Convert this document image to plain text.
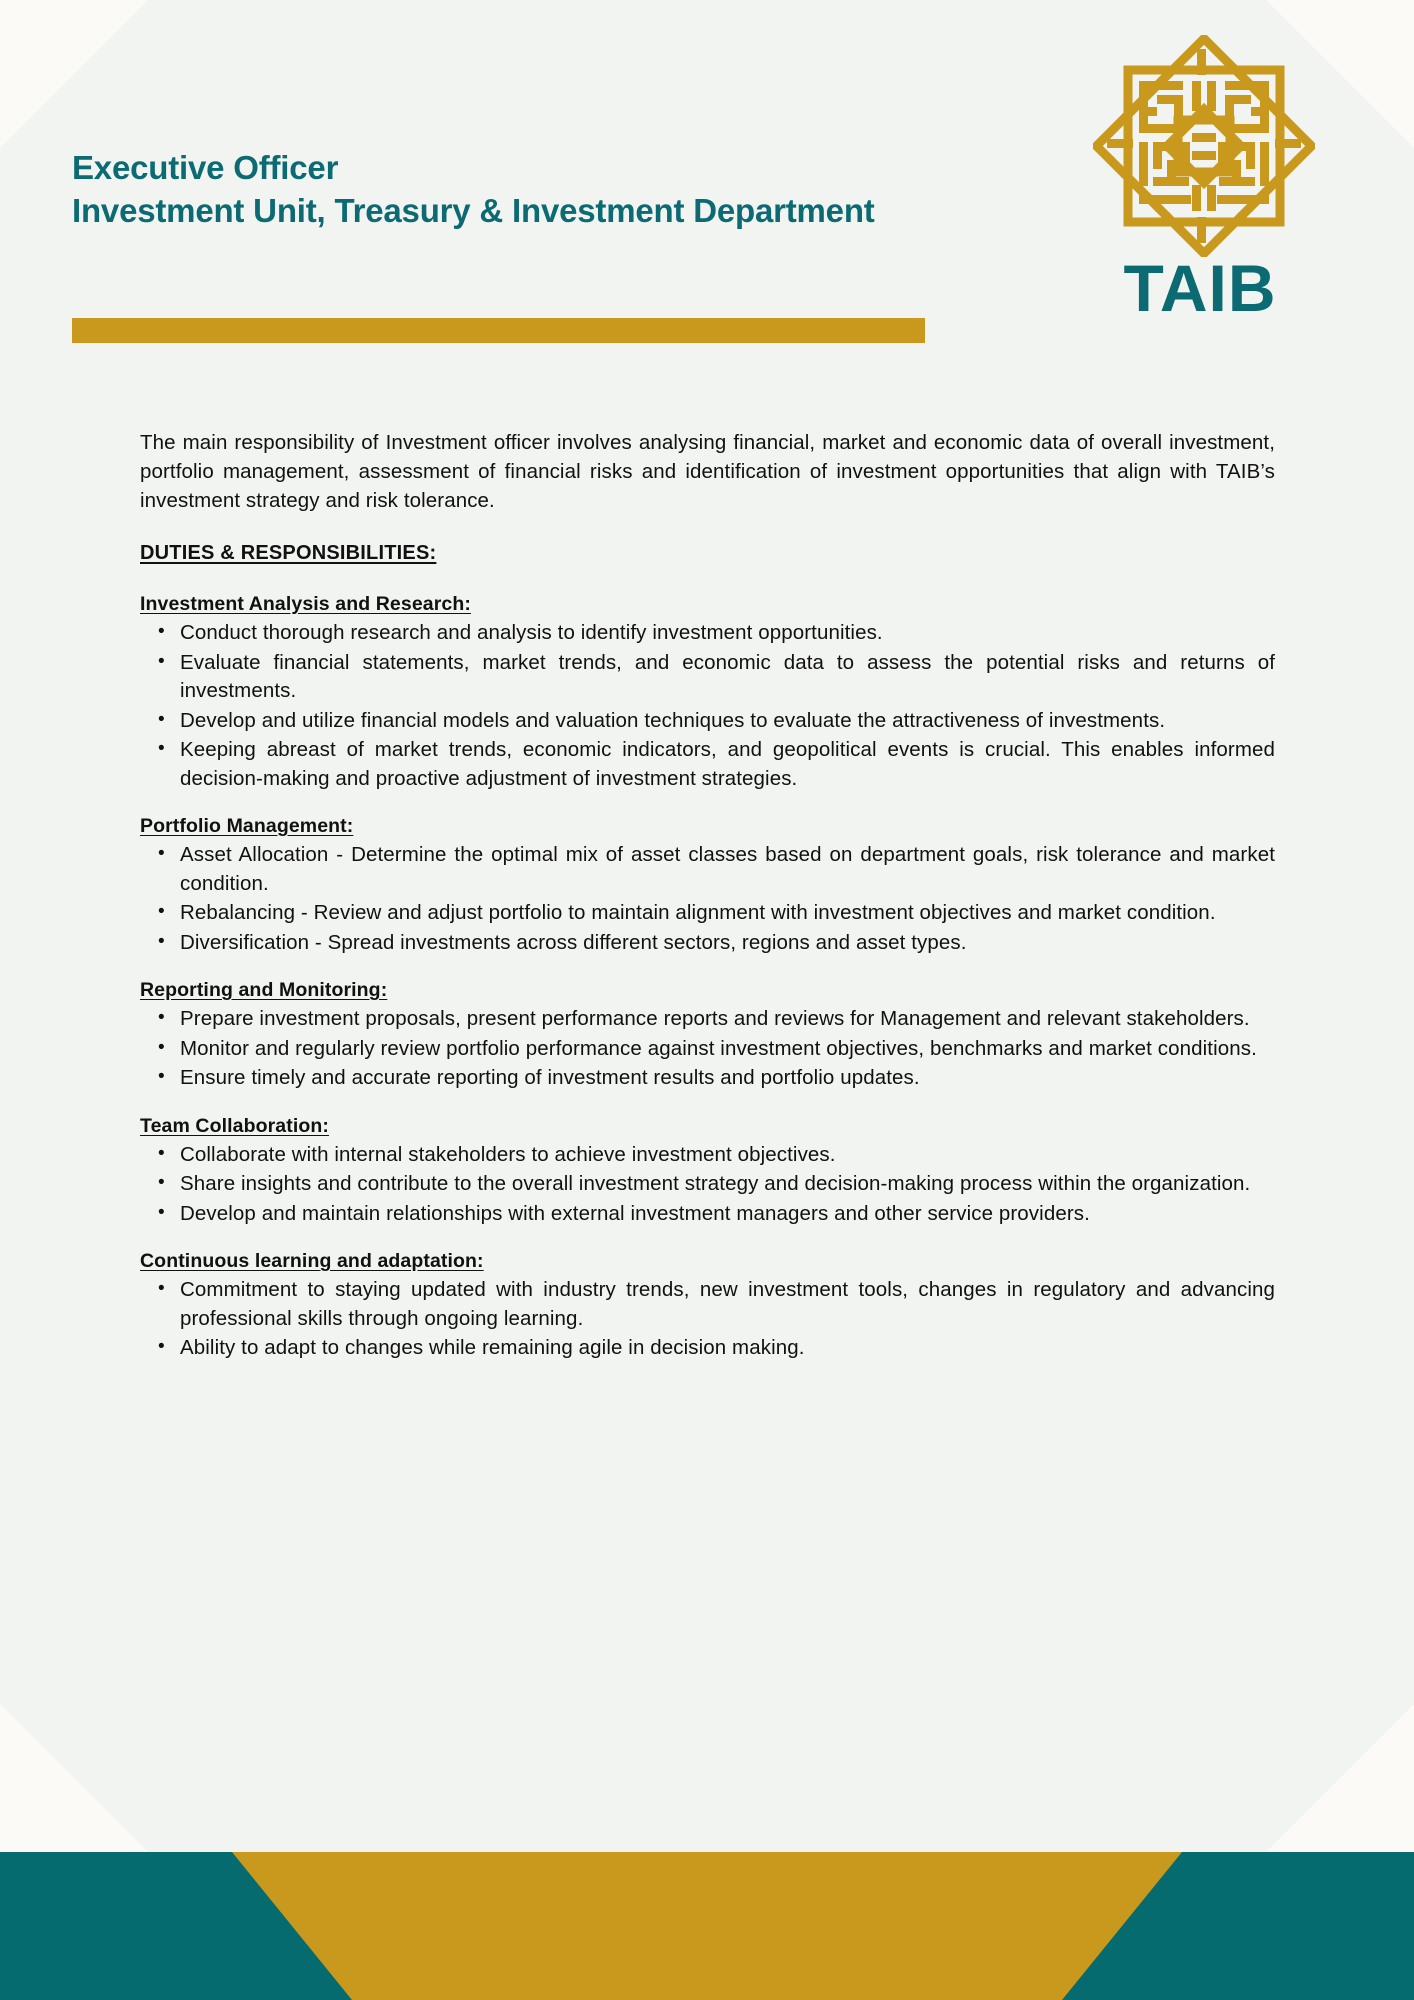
Executive Officer
Investment Unit, Treasury & Investment Department
TAIB

The main responsibility of Investment officer involves analysing financial, market and economic data of overall investment, portfolio management, assessment of financial risks and identification of investment opportunities that align with TAIB’s investment strategy and risk tolerance.

DUTIES & RESPONSIBILITIES:
Investment Analysis and Research:
• Conduct thorough research and analysis to identify investment opportunities.
• Evaluate financial statements, market trends, and economic data to assess the potential risks and returns of investments.
• Develop and utilize financial models and valuation techniques to evaluate the attractiveness of investments.
• Keeping abreast of market trends, economic indicators, and geopolitical events is crucial. This enables informed decision-making and proactive adjustment of investment strategies.
Portfolio Management:
• Asset Allocation - Determine the optimal mix of asset classes based on department goals, risk tolerance and market condition.
• Rebalancing - Review and adjust portfolio to maintain alignment with investment objectives and market condition.
• Diversification - Spread investments across different sectors, regions and asset types.
Reporting and Monitoring:
• Prepare investment proposals, present performance reports and reviews for Management and relevant stakeholders.
• Monitor and regularly review portfolio performance against investment objectives, benchmarks and market conditions.
• Ensure timely and accurate reporting of investment results and portfolio updates.
Team Collaboration:
• Collaborate with internal stakeholders to achieve investment objectives.
• Share insights and contribute to the overall investment strategy and decision-making process within the organization.
• Develop and maintain relationships with external investment managers and other service providers.
Continuous learning and adaptation:
• Commitment to staying updated with industry trends, new investment tools, changes in regulatory and advancing professional skills through ongoing learning.
• Ability to adapt to changes while remaining agile in decision making.
